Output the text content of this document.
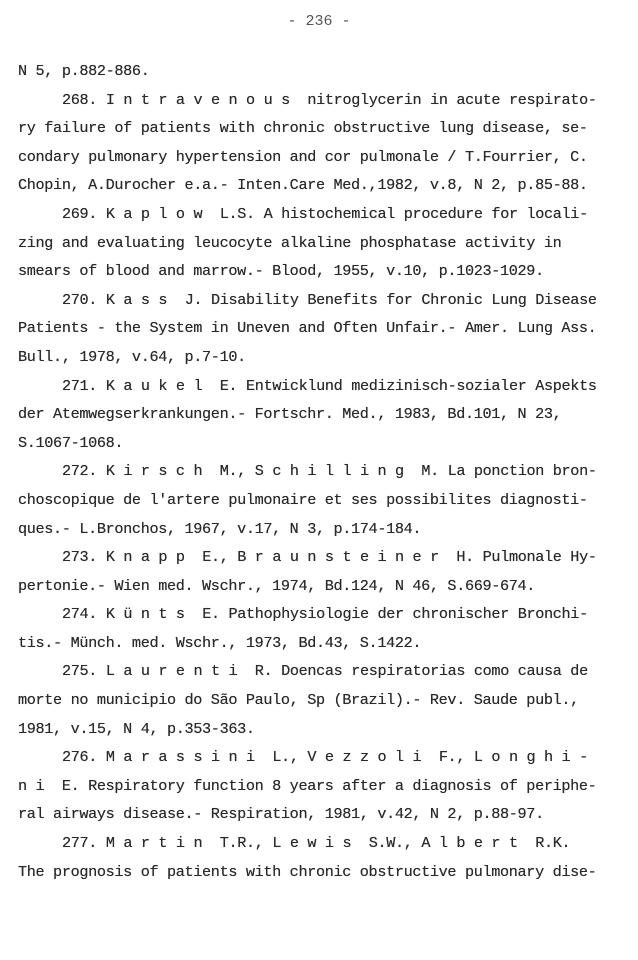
- 236 -
N 5, p.882-886.
268. I n t r a v e n o u s  nitroglycerin in acute respirato-
ry failure of patients with chronic obstructive lung disease, se-
condary pulmonary hypertension and cor pulmonale / T.Fourrier, C.
Chopin, A.Durocher e.a.- Inten.Care Med.,1982, v.8, N 2, p.85-88.
269. K a p l o w  L.S. A histochemical procedure for locali-
zing and evaluating leucocyte alkaline phosphatase activity in
smears of blood and marrow.- Blood, 1955, v.10, p.1023-1029.
270. K a s s  J. Disability Benefits for Chronic Lung Disease
Patients - the System in Uneven and Often Unfair.- Amer. Lung Ass.
Bull., 1978, v.64, p.7-10.
271. K a u k e l  E. Entwicklund medizinisch-sozialer Aspekts
der Atemwegserkrankungen.- Fortschr. Med., 1983, Bd.101, N 23,
S.1067-1068.
272. K i r s c h  M., S c h i l l i n g  M. La ponction bron-
choscopique de l'artere pulmonaire et ses possibilites diagnosti-
ques.- L.Bronchos, 1967, v.17, N 3, p.174-184.
273. K n a p p  E., B r a u n s t e i n e r  H. Pulmonale Hy-
pertonie.- Wien med. Wschr., 1974, Bd.124, N 46, S.669-674.
274. K ü n t s  E. Pathophysiologie der chronischer Bronchi-
tis.- Münch. med. Wschr., 1973, Bd.43, S.1422.
275. L a u r e n t i  R. Doencas respiratorias como causa de
morte no municipio do São Paulo, Sp (Brazil).- Rev. Saude publ.,
1981, v.15, N 4, p.353-363.
276. M a r a s s i n i  L., V e z z o l i  F., L o n g h i -
n i  E. Respiratory function 8 years after a diagnosis of periphe-
ral airways disease.- Respiration, 1981, v.42, N 2, p.88-97.
277. M a r t i n  T.R., L e w i s  S.W., A l b e r t  R.K.
The prognosis of patients with chronic obstructive pulmonary dise-
